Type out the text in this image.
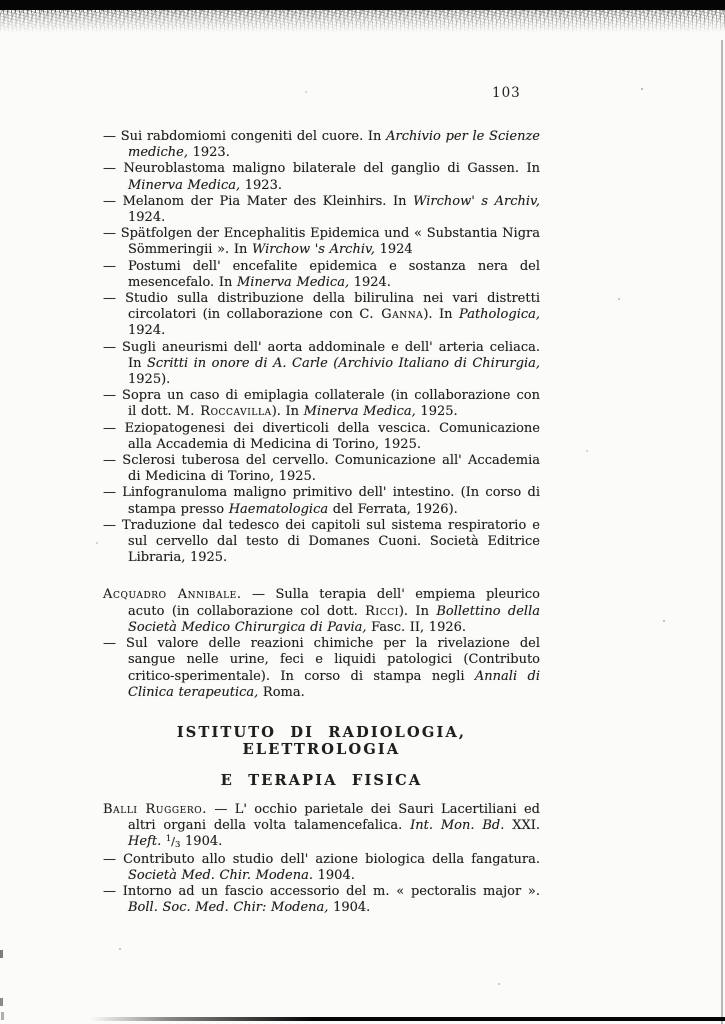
103

— Sui rabdomiomi congeniti del cuore. In Archivio per le Scienze mediche, 1923.

— Neuroblastoma maligno bilaterale del ganglio di Gassen. In Minerva Medica, 1923.

— Melanom der Pia Mater des Kleinhirs. In Wirchow' s Archiv, 1924.

— Spätfolgen der Encephalitis Epidemica und « Substantia Nigra Sömmeringii ». In Wirchow 's Archiv, 1924

— Postumi dell' encefalite epidemica e sostanza nera del mesencefalo. In Minerva Medica, 1924.

— Studio sulla distribuzione della bilirulina nei vari distretti circolatori (in collaborazione con C. Ganna). In Pathologica, 1924.

— Sugli aneurismi dell' aorta addominale e dell' arteria celiaca. In Scritti in onore di A. Carle (Archivio Italiano di Chirurgia, 1925).

— Sopra un caso di emiplagia collaterale (in collaborazione con il dott. M. Roccavilla). In Minerva Medica, 1925.

— Eziopatogenesi dei diverticoli della vescica. Comunicazione alla Accademia di Medicina di Torino, 1925.

— Sclerosi tuberosa del cervello. Comunicazione all' Accademia di Medicina di Torino, 1925.

— Linfogranuloma maligno primitivo dell' intestino. (In corso di stampa presso Haematologica del Ferrata, 1926).

— Traduzione dal tedesco dei capitoli sul sistema respiratorio e sul cervello dal testo di Domanes Cuoni. Società Editrice Libraria, 1925.

Acquadro Annibale. — Sulla terapia dell' empiema pleurico acuto (in collaborazione col dott. Ricci). In Bollettino della Società Medico Chirurgica di Pavia, Fasc. II, 1926.

— Sul valore delle reazioni chimiche per la rivelazione del sangue nelle urine, feci e liquidi patologici (Contributo critico-sperimentale). In corso di stampa negli Annali di Clinica terapeutica, Roma.

ISTITUTO DI RADIOLOGIA, ELETTROLOGIA
E TERAPIA FISICA

Balli Ruggero. — L' occhio parietale dei Sauri Lacertiliani ed altri organi della volta talamencefalica. Int. Mon. Bd. XXI. Heft. $^1$/3 1904.

— Contributo allo studio dell' azione biologica della fangatura. Società Med. Chir. Modena. 1904.

— Intorno ad un fascio accessorio del m. « pectoralis major ». Boll. Soc. Med. Chir: Modena, 1904.
